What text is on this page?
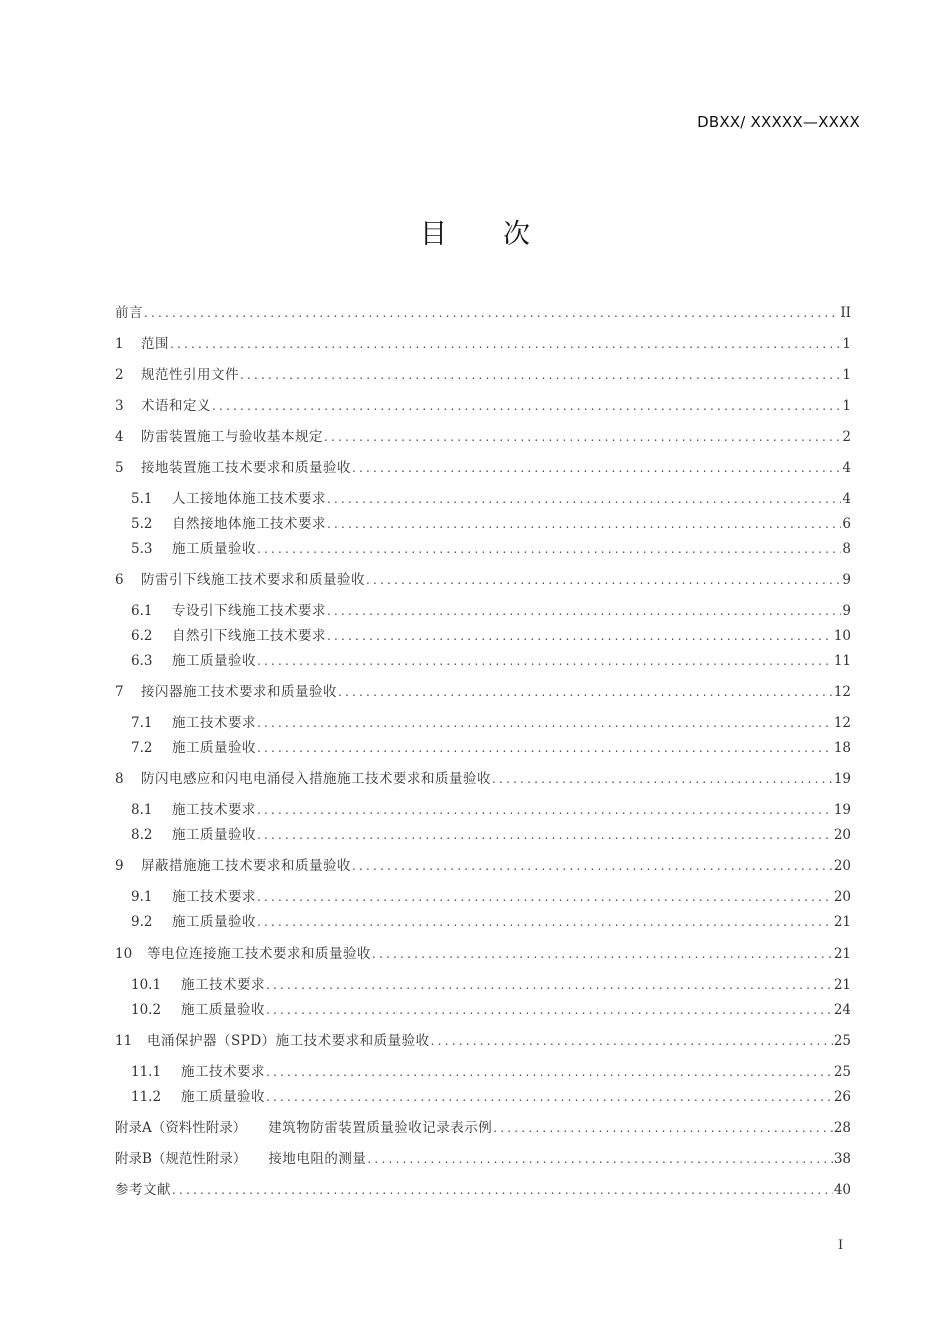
DBXX/ XXXXX—XXXX
目 次
前言 .....	II
1	范围 .....	1
2	规范性引用文件 .....	1
3	术语和定义 .....	1
4	防雷装置施工与验收基本规定 .....	2
5	接地装置施工技术要求和质量验收 .....	4
5.1	人工接地体施工技术要求 .....	4
5.2	自然接地体施工技术要求 .....	6
5.3	施工质量验收 .....	8
6	防雷引下线施工技术要求和质量验收 .....	9
6.1	专设引下线施工技术要求 .....	9
6.2	自然引下线施工技术要求 .....	10
6.3	施工质量验收 .....	11
7	接闪器施工技术要求和质量验收 .....	12
7.1	施工技术要求 .....	12
7.2	施工质量验收 .....	18
8	防闪电感应和闪电电涌侵入措施施工技术要求和质量验收 .....	19
8.1	施工技术要求 .....	19
8.2	施工质量验收 .....	20
9	屏蔽措施施工技术要求和质量验收 .....	20
9.1	施工技术要求 .....	20
9.2	施工质量验收 .....	21
10	等电位连接施工技术要求和质量验收 .....	21
10.1	施工技术要求 .....	21
10.2	施工质量验收 .....	24
11	电涌保护器（SPD）施工技术要求和质量验收 .....	25
11.1	施工技术要求 .....	25
11.2	施工质量验收 .....	26
附录A（资料性附录） 建筑物防雷装置质量验收记录表示例 .....	28
附录B（规范性附录） 接地电阻的测量 .....	38
参考文献 .....	40
I
